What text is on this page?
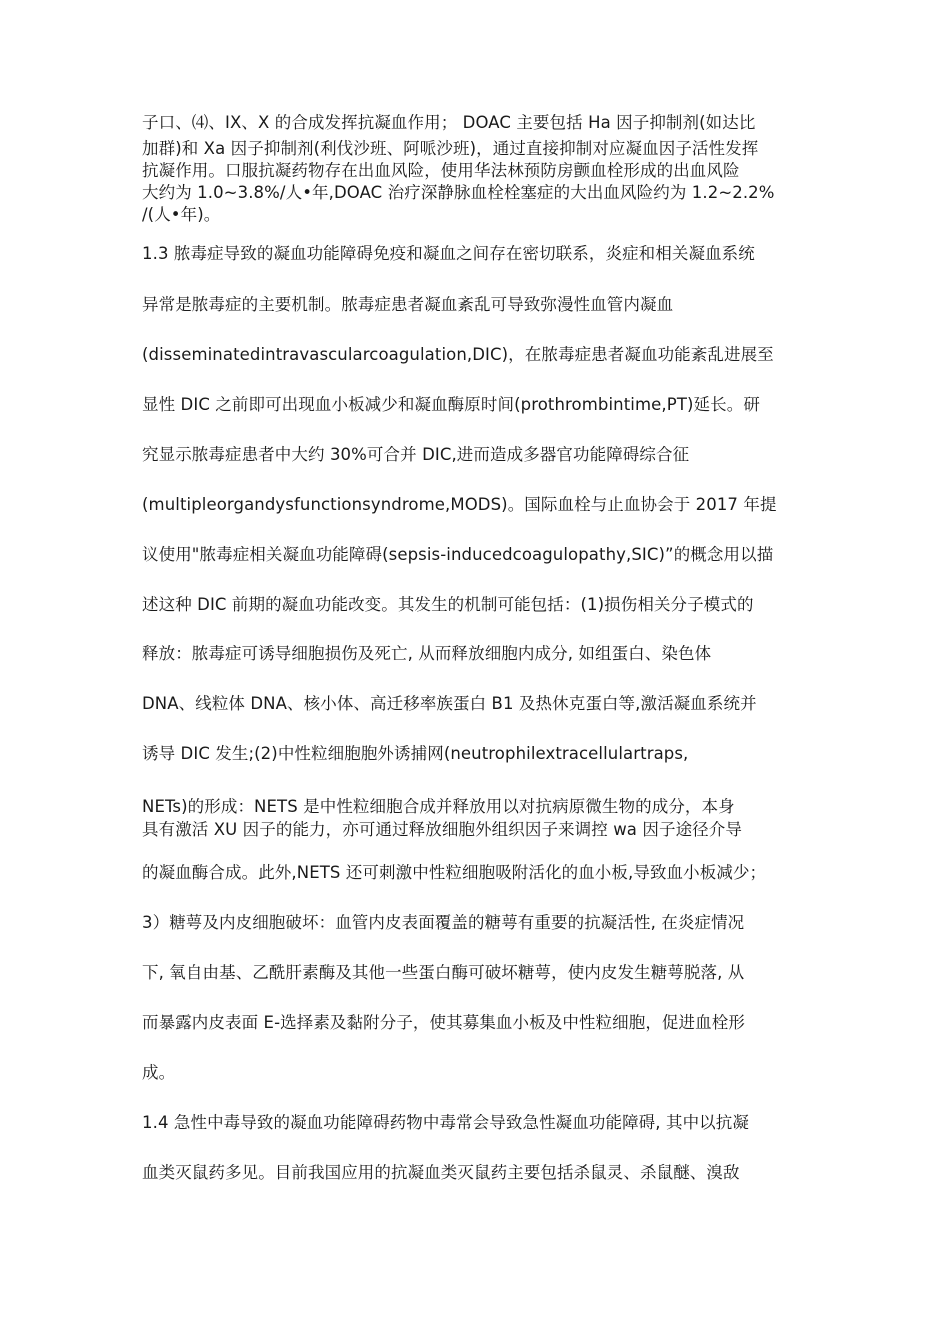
子口、⑷、IX、X 的合成发挥抗凝血作用； DOAC 主要包括 Ha 因子抑制剂(如达比
加群)和 Xa 因子抑制剂(利伐沙班、阿哌沙班)，通过直接抑制对应凝血因子活性发挥
抗凝作用。口服抗凝药物存在出血风险，使用华法林预防房颤血栓形成的出血风险
大约为 1.0~3.8%/人•年,DOAC 治疗深静脉血栓栓塞症的大出血风险约为 1.2~2.2%
/(人•年)。
1.3 脓毒症导致的凝血功能障碍免疫和凝血之间存在密切联系，炎症和相关凝血系统
异常是脓毒症的主要机制。脓毒症患者凝血紊乱可导致弥漫性血管内凝血
(disseminatedintravascularcoagulation,DIC)，在脓毒症患者凝血功能紊乱进展至
显性 DIC 之前即可出现血小板减少和凝血酶原时间(prothrombintime,PT)延长。研
究显示脓毒症患者中大约 30%可合并 DIC,进而造成多器官功能障碍综合征
(multipleorgandysfunctionsyndrome,MODS)。国际血栓与止血协会于 2017 年提
议使用"脓毒症相关凝血功能障碍(sepsis-inducedcoagulopathy,SIC)”的概念用以描
述这种 DIC 前期的凝血功能改变。其发生的机制可能包括：(1)损伤相关分子模式的
释放：脓毒症可诱导细胞损伤及死亡, 从而释放细胞内成分, 如组蛋白、染色体
DNA、线粒体 DNA、核小体、高迁移率族蛋白 B1 及热休克蛋白等,激活凝血系统并
诱导 DIC 发生;(2)中性粒细胞胞外诱捕网(neutrophilextracellulartraps,
NETs)的形成：NETS 是中性粒细胞合成并释放用以对抗病原微生物的成分，本身
具有激活 XU 因子的能力，亦可通过释放细胞外组织因子来调控 wa 因子途径介导
的凝血酶合成。此外,NETS 还可刺激中性粒细胞吸附活化的血小板,导致血小板减少；
3）糖萼及内皮细胞破坏：血管内皮表面覆盖的糖萼有重要的抗凝活性, 在炎症情况
下, 氧自由基、乙酰肝素酶及其他一些蛋白酶可破坏糖萼，使内皮发生糖萼脱落, 从
而暴露内皮表面 E-选择素及黏附分子，使其募集血小板及中性粒细胞，促进血栓形
成。
1.4 急性中毒导致的凝血功能障碍药物中毒常会导致急性凝血功能障碍, 其中以抗凝
血类灭鼠药多见。目前我国应用的抗凝血类灭鼠药主要包括杀鼠灵、杀鼠醚、溴敌
